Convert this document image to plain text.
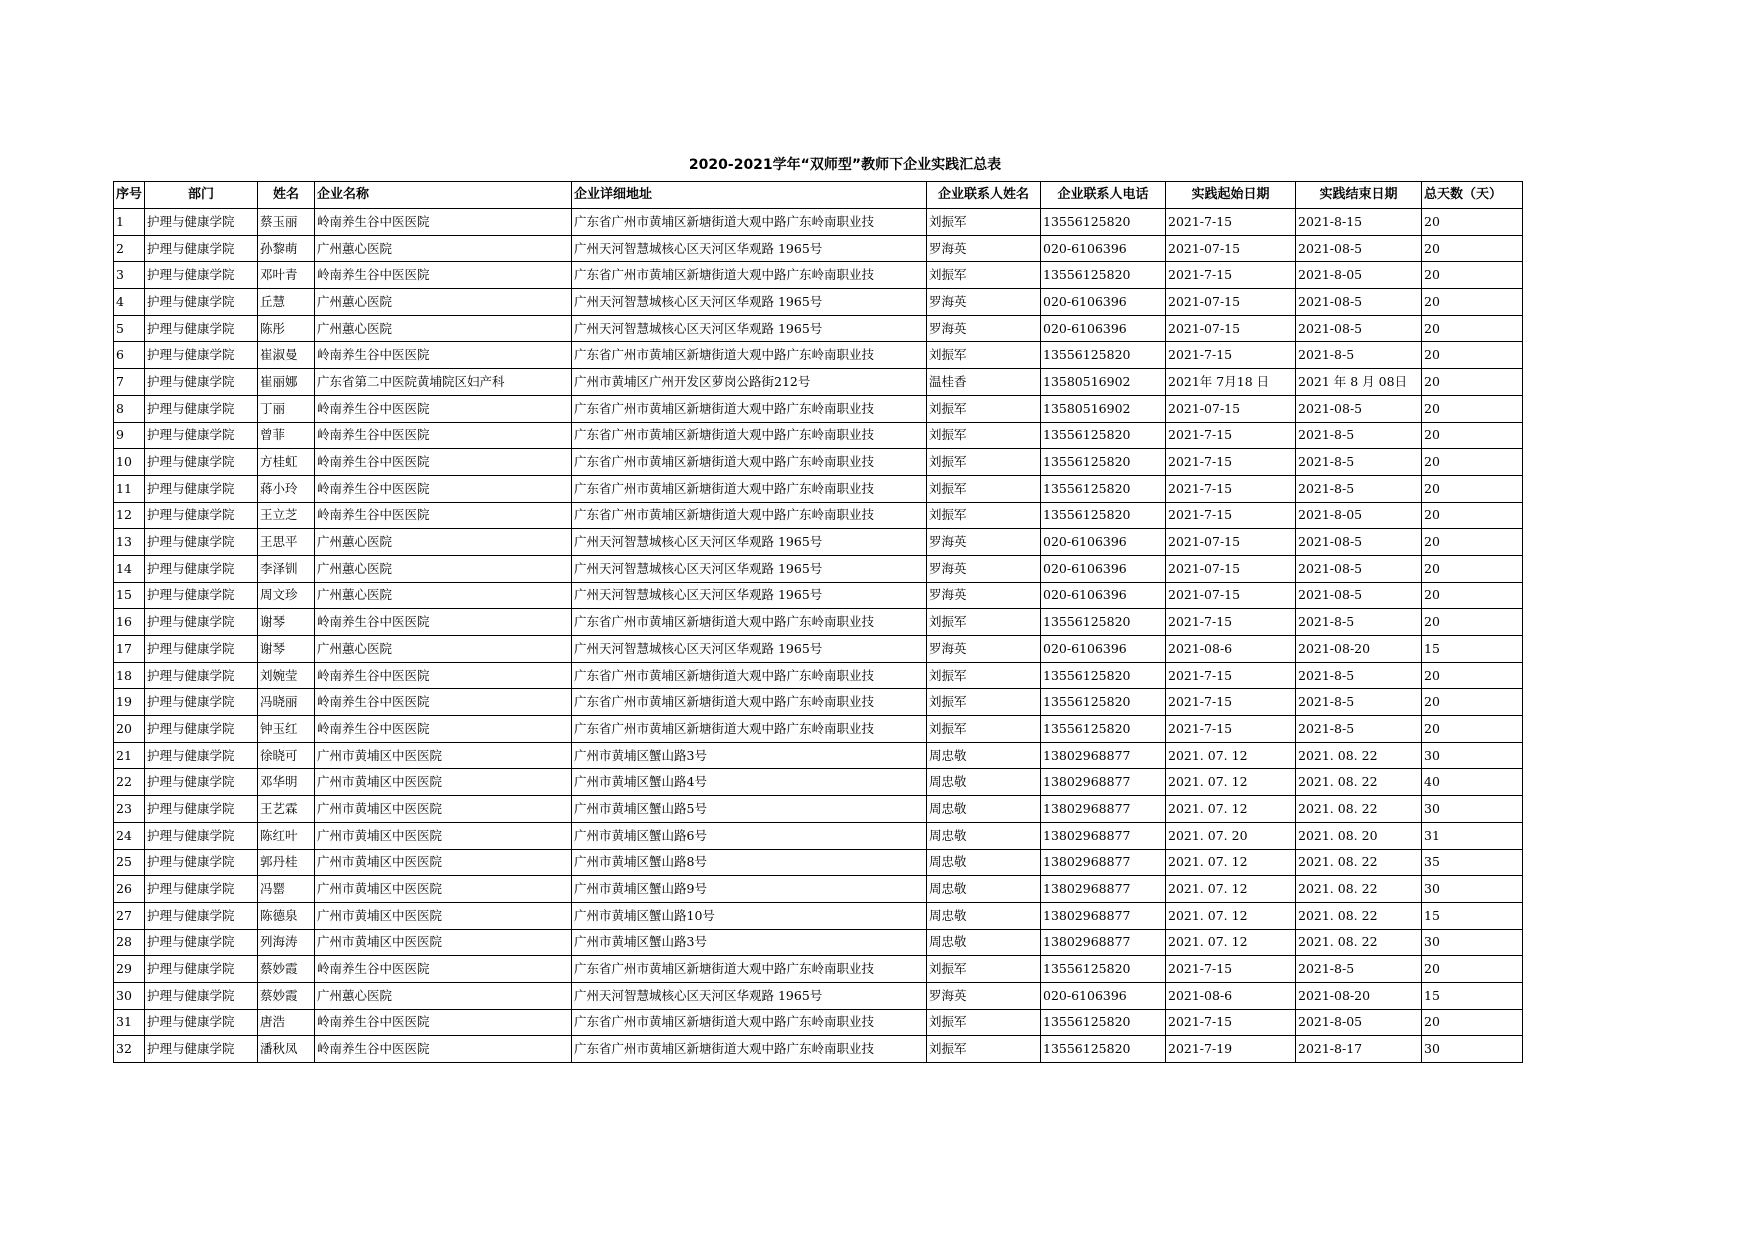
2020-2021学年“双师型”教师下企业实践汇总表
序号	部门	姓名	企业名称	企业详细地址	企业联系人姓名	企业联系人电话	实践起始日期	实践结束日期	总天数（天）
1	护理与健康学院	蔡玉丽	岭南养生谷中医医院	广东省广州市黄埔区新塘街道大观中路广东岭南职业技	刘振军	13556125820	2021-7-15	2021-8-15	20
2	护理与健康学院	孙黎萌	广州蕙心医院	广州天河智慧城核心区天河区华观路 1965号	罗海英	020-6106396	2021-07-15	2021-08-5	20
3	护理与健康学院	邓叶青	岭南养生谷中医医院	广东省广州市黄埔区新塘街道大观中路广东岭南职业技	刘振军	13556125820	2021-7-15	2021-8-05	20
4	护理与健康学院	丘慧	广州蕙心医院	广州天河智慧城核心区天河区华观路 1965号	罗海英	020-6106396	2021-07-15	2021-08-5	20
5	护理与健康学院	陈彤	广州蕙心医院	广州天河智慧城核心区天河区华观路 1965号	罗海英	020-6106396	2021-07-15	2021-08-5	20
6	护理与健康学院	崔淑曼	岭南养生谷中医医院	广东省广州市黄埔区新塘街道大观中路广东岭南职业技	刘振军	13556125820	2021-7-15	2021-8-5	20
7	护理与健康学院	崔丽娜	广东省第二中医院黄埔院区妇产科	广州市黄埔区广州开发区萝岗公路街212号	温桂香	13580516902	2021年 7月18 日	2021 年 8 月 08日	20
8	护理与健康学院	丁丽	岭南养生谷中医医院	广东省广州市黄埔区新塘街道大观中路广东岭南职业技	刘振军	13580516902	2021-07-15	2021-08-5	20
9	护理与健康学院	曾菲	岭南养生谷中医医院	广东省广州市黄埔区新塘街道大观中路广东岭南职业技	刘振军	13556125820	2021-7-15	2021-8-5	20
10	护理与健康学院	方桂虹	岭南养生谷中医医院	广东省广州市黄埔区新塘街道大观中路广东岭南职业技	刘振军	13556125820	2021-7-15	2021-8-5	20
11	护理与健康学院	蒋小玲	岭南养生谷中医医院	广东省广州市黄埔区新塘街道大观中路广东岭南职业技	刘振军	13556125820	2021-7-15	2021-8-5	20
12	护理与健康学院	王立芝	岭南养生谷中医医院	广东省广州市黄埔区新塘街道大观中路广东岭南职业技	刘振军	13556125820	2021-7-15	2021-8-05	20
13	护理与健康学院	王思平	广州蕙心医院	广州天河智慧城核心区天河区华观路 1965号	罗海英	020-6106396	2021-07-15	2021-08-5	20
14	护理与健康学院	李泽钏	广州蕙心医院	广州天河智慧城核心区天河区华观路 1965号	罗海英	020-6106396	2021-07-15	2021-08-5	20
15	护理与健康学院	周文珍	广州蕙心医院	广州天河智慧城核心区天河区华观路 1965号	罗海英	020-6106396	2021-07-15	2021-08-5	20
16	护理与健康学院	谢琴	岭南养生谷中医医院	广东省广州市黄埔区新塘街道大观中路广东岭南职业技	刘振军	13556125820	2021-7-15	2021-8-5	20
17	护理与健康学院	谢琴	广州蕙心医院	广州天河智慧城核心区天河区华观路 1965号	罗海英	020-6106396	2021-08-6	2021-08-20	15
18	护理与健康学院	刘婉莹	岭南养生谷中医医院	广东省广州市黄埔区新塘街道大观中路广东岭南职业技	刘振军	13556125820	2021-7-15	2021-8-5	20
19	护理与健康学院	冯晓丽	岭南养生谷中医医院	广东省广州市黄埔区新塘街道大观中路广东岭南职业技	刘振军	13556125820	2021-7-15	2021-8-5	20
20	护理与健康学院	钟玉红	岭南养生谷中医医院	广东省广州市黄埔区新塘街道大观中路广东岭南职业技	刘振军	13556125820	2021-7-15	2021-8-5	20
21	护理与健康学院	徐晓可	广州市黄埔区中医医院	广州市黄埔区蟹山路3号	周忠敬	13802968877	2021. 07. 12	2021. 08. 22	30
22	护理与健康学院	邓华明	广州市黄埔区中医医院	广州市黄埔区蟹山路4号	周忠敬	13802968877	2021. 07. 12	2021. 08. 22	40
23	护理与健康学院	王艺霖	广州市黄埔区中医医院	广州市黄埔区蟹山路5号	周忠敬	13802968877	2021. 07. 12	2021. 08. 22	30
24	护理与健康学院	陈红叶	广州市黄埔区中医医院	广州市黄埔区蟹山路6号	周忠敬	13802968877	2021. 07. 20	2021. 08. 20	31
25	护理与健康学院	郭丹桂	广州市黄埔区中医医院	广州市黄埔区蟹山路8号	周忠敬	13802968877	2021. 07. 12	2021. 08. 22	35
26	护理与健康学院	冯罂	广州市黄埔区中医医院	广州市黄埔区蟹山路9号	周忠敬	13802968877	2021. 07. 12	2021. 08. 22	30
27	护理与健康学院	陈德泉	广州市黄埔区中医医院	广州市黄埔区蟹山路10号	周忠敬	13802968877	2021. 07. 12	2021. 08. 22	15
28	护理与健康学院	列海涛	广州市黄埔区中医医院	广州市黄埔区蟹山路3号	周忠敬	13802968877	2021. 07. 12	2021. 08. 22	30
29	护理与健康学院	蔡妙霞	岭南养生谷中医医院	广东省广州市黄埔区新塘街道大观中路广东岭南职业技	刘振军	13556125820	2021-7-15	2021-8-5	20
30	护理与健康学院	蔡妙霞	广州蕙心医院	广州天河智慧城核心区天河区华观路 1965号	罗海英	020-6106396	2021-08-6	2021-08-20	15
31	护理与健康学院	唐浩	岭南养生谷中医医院	广东省广州市黄埔区新塘街道大观中路广东岭南职业技	刘振军	13556125820	2021-7-15	2021-8-05	20
32	护理与健康学院	潘秋凤	岭南养生谷中医医院	广东省广州市黄埔区新塘街道大观中路广东岭南职业技	刘振军	13556125820	2021-7-19	2021-8-17	30
